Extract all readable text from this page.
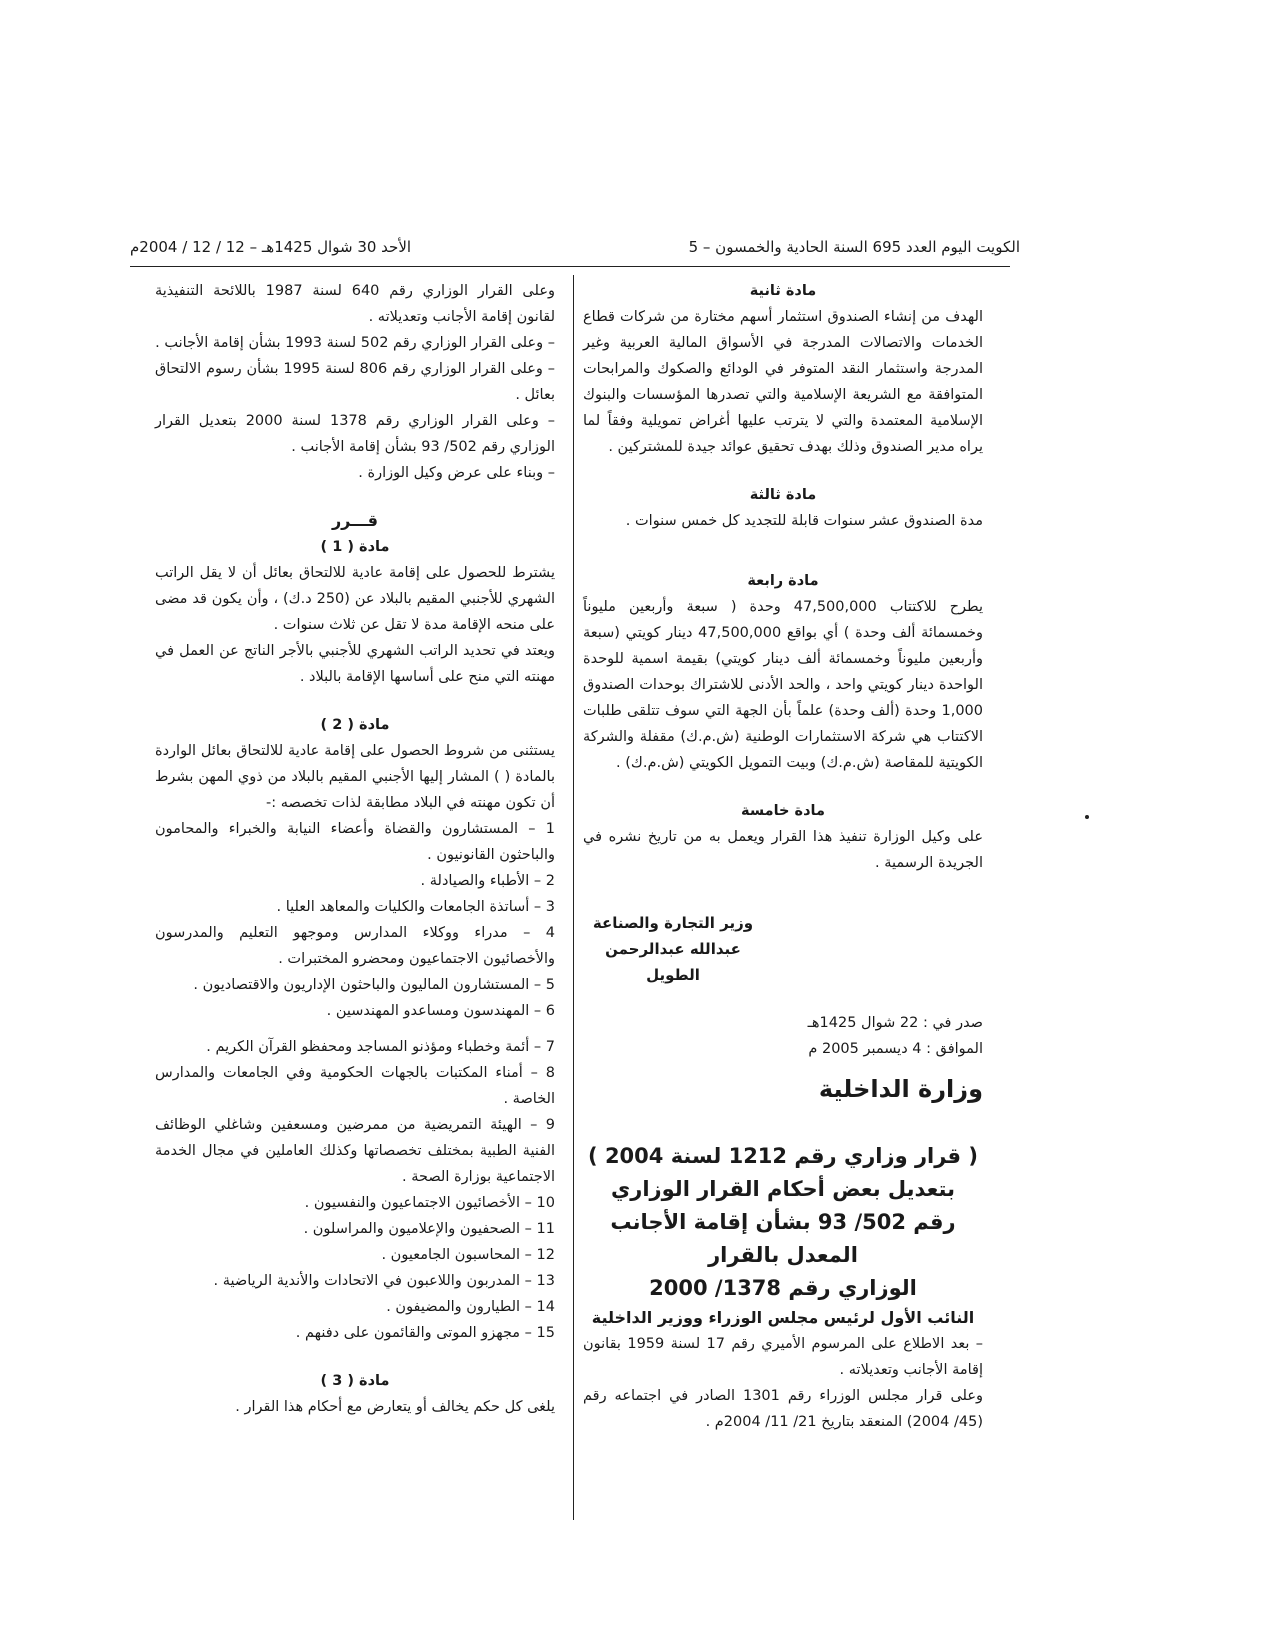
الكويت اليوم العدد 695 السنة الحادية والخمسون – 5
الأحد 30 شوال 1425هـ – 12 / 12 / 2004م

مادة ثانية

الهدف من إنشاء الصندوق استثمار أسهم مختارة من شركات قطاع الخدمات والاتصالات المدرجة في الأسواق المالية العربية وغير المدرجة واستثمار النقد المتوفر في الودائع والصكوك والمرابحات المتوافقة مع الشريعة الإسلامية والتي تصدرها المؤسسات والبنوك الإسلامية المعتمدة والتي لا يترتب عليها أغراض تمويلية وفقاً لما يراه مدير الصندوق وذلك بهدف تحقيق عوائد جيدة للمشتركين .

مادة ثالثة

مدة الصندوق عشر سنوات قابلة للتجديد كل خمس سنوات .

مادة رابعة

يطرح للاكتتاب 47,500,000 وحدة ( سبعة وأربعين مليوناً وخمسمائة ألف وحدة ) أي بواقع 47,500,000 دينار كويتي (سبعة وأربعين مليوناً وخمسمائة ألف دينار كويتي) بقيمة اسمية للوحدة الواحدة دينار كويتي واحد ، والحد الأدنى للاشتراك بوحدات الصندوق 1,000 وحدة (ألف وحدة) علماً بأن الجهة التي سوف تتلقى طلبات الاكتتاب هي شركة الاستثمارات الوطنية (ش.م.ك) مقفلة والشركة الكويتية للمقاصة (ش.م.ك) وبيت التمويل الكويتي (ش.م.ك) .

مادة خامسة

على وكيل الوزارة تنفيذ هذا القرار ويعمل به من تاريخ نشره في الجريدة الرسمية .

وزير التجارة والصناعة

عبدالله عبدالرحمن الطويل

صدر في : 22 شوال 1425هـ

الموافق : 4 ديسمبر 2005 م

وزارة الداخلية

( قرار وزاري رقم 1212 لسنة 2004 )

بتعديل بعض أحكام القرار الوزاري

رقم 502/ 93 بشأن إقامة الأجانب المعدل بالقرار

الوزاري رقم 1378/ 2000

النائب الأول لرئيس مجلس الوزراء ووزير الداخلية

– بعد الاطلاع على المرسوم الأميري رقم 17 لسنة 1959 بقانون إقامة الأجانب وتعديلاته .

وعلى قرار مجلس الوزراء رقم 1301 الصادر في اجتماعه رقم (45/ 2004) المنعقد بتاريخ 21/ 11/ 2004م .

وعلى القرار الوزاري رقم 640 لسنة 1987 باللائحة التنفيذية لقانون إقامة الأجانب وتعديلاته .

– وعلى القرار الوزاري رقم 502 لسنة 1993 بشأن إقامة الأجانب .

– وعلى القرار الوزاري رقم 806 لسنة 1995 بشأن رسوم الالتحاق بعائل .

– وعلى القرار الوزاري رقم 1378 لسنة 2000 بتعديل القرار الوزاري رقم 502/ 93 بشأن إقامة الأجانب .

– وبناء على عرض وكيل الوزارة .

قـــرر

مادة ( 1 )

يشترط للحصول على إقامة عادية للالتحاق بعائل أن لا يقل الراتب الشهري للأجنبي المقيم بالبلاد عن (250 د.ك) ، وأن يكون قد مضى على منحه الإقامة مدة لا تقل عن ثلاث سنوات .

ويعتد في تحديد الراتب الشهري للأجنبي بالأجر الناتج عن العمل في مهنته التي منح على أساسها الإقامة بالبلاد .

مادة ( 2 )

يستثنى من شروط الحصول على إقامة عادية للالتحاق بعائل الواردة بالمادة ( ) المشار إليها الأجنبي المقيم بالبلاد من ذوي المهن بشرط أن تكون مهنته في البلاد مطابقة لذات تخصصه :-

1 – المستشارون والقضاة وأعضاء النيابة والخبراء والمحامون والباحثون القانونيون .

2 – الأطباء والصيادلة .

3 – أساتذة الجامعات والكليات والمعاهد العليا .

4 – مدراء ووكلاء المدارس وموجهو التعليم والمدرسون والأخصائيون الاجتماعيون ومحضرو المختبرات .

5 – المستشارون الماليون والباحثون الإداريون والاقتصاديون .

6 – المهندسون ومساعدو المهندسين .

7 – أئمة وخطباء ومؤذنو المساجد ومحفظو القرآن الكريم .

8 – أمناء المكتبات بالجهات الحكومية وفي الجامعات والمدارس الخاصة .

9 – الهيئة التمريضية من ممرضين ومسعفين وشاغلي الوظائف الفنية الطبية بمختلف تخصصاتها وكذلك العاملين في مجال الخدمة الاجتماعية بوزارة الصحة .

10 – الأخصائيون الاجتماعيون والنفسيون .

11 – الصحفيون والإعلاميون والمراسلون .

12 – المحاسبون الجامعيون .

13 – المدربون واللاعبون في الاتحادات والأندية الرياضية .

14 – الطيارون والمضيفون .

15 – مجهزو الموتى والقائمون على دفنهم .

مادة ( 3 )

يلغى كل حكم يخالف أو يتعارض مع أحكام هذا القرار .
